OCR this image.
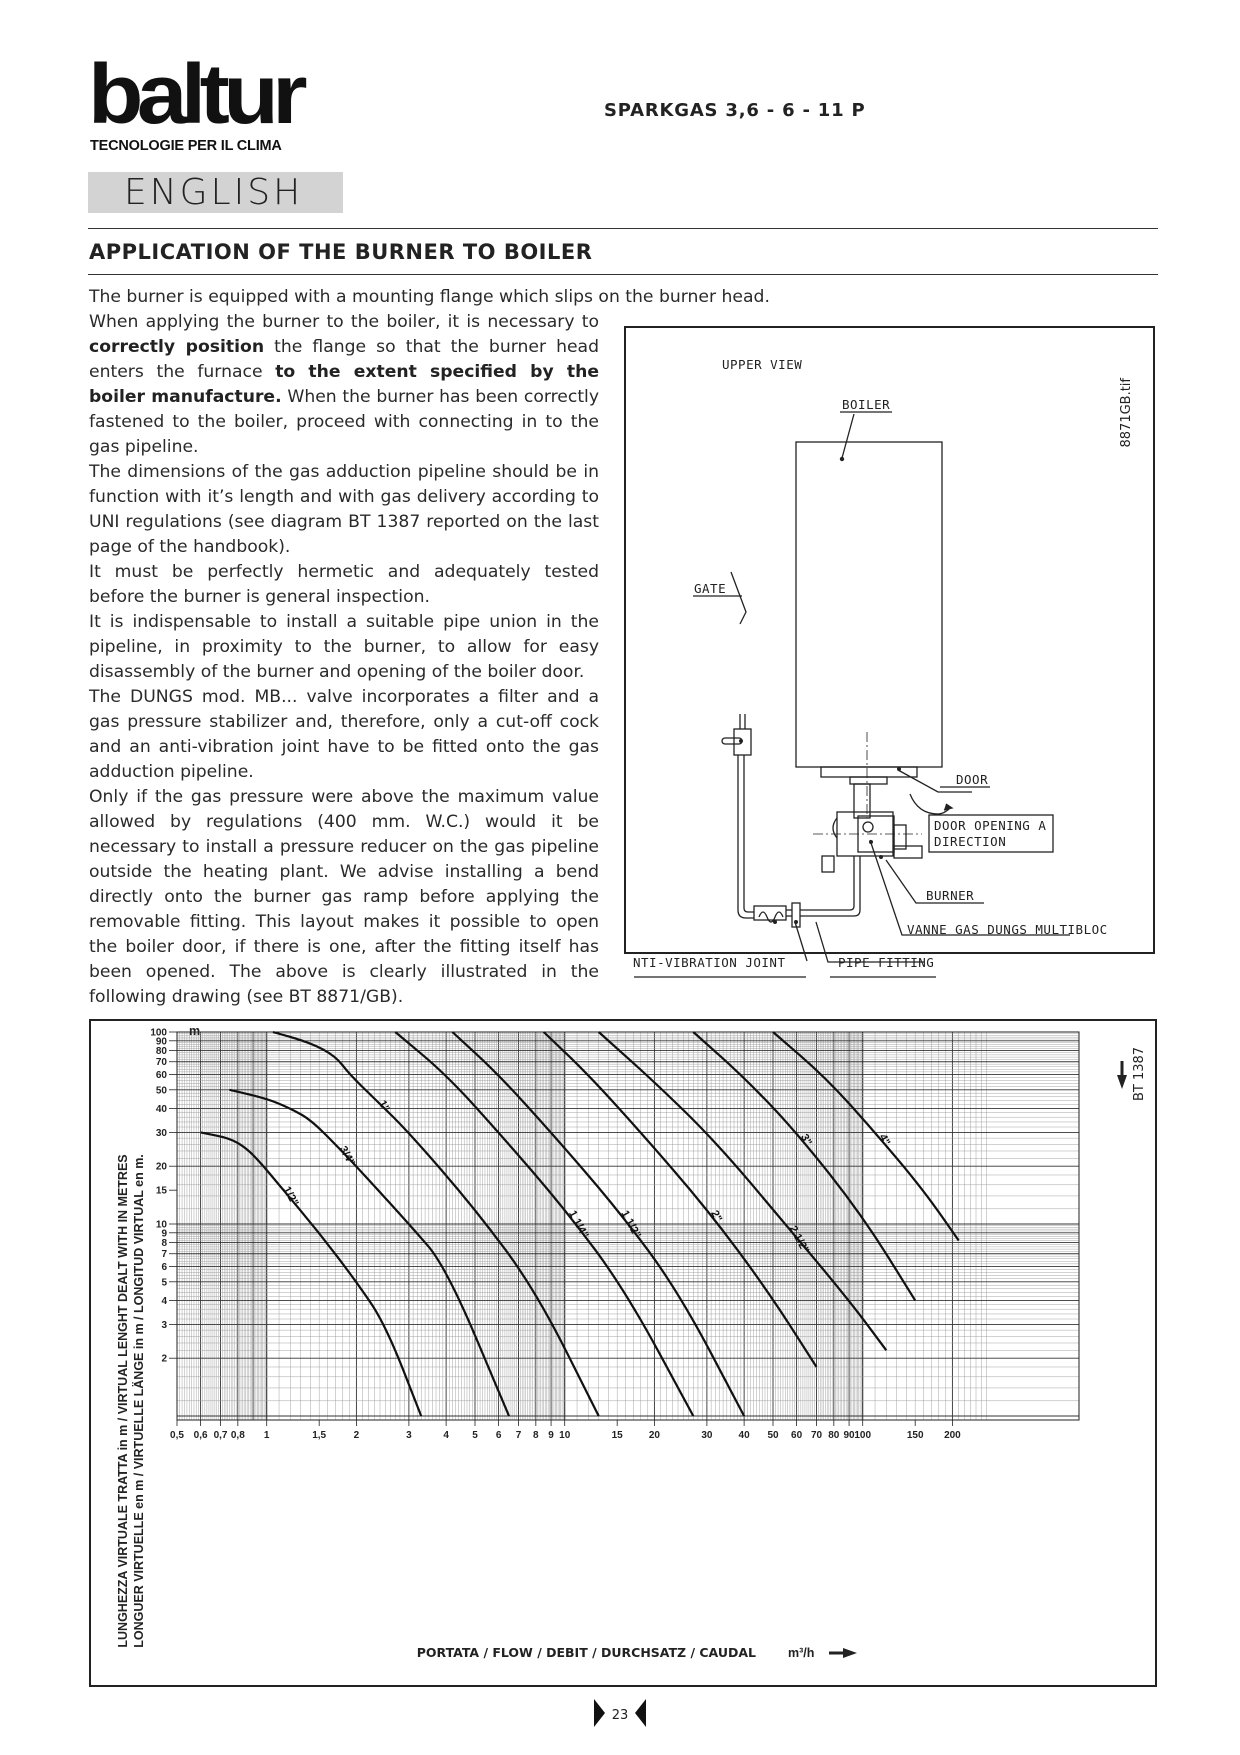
baltur
TECNOLOGIE PER IL CLIMA
ENGLISH
SPARKGAS 3,6 - 6 - 11 P
APPLICATION OF THE BURNER TO BOILER

The burner is equipped with a mounting flange which slips on the burner head.

When applying the burner to the boiler, it is necessary to correctly position the flange so that the burner head enters the furnace to the extent specified by the boiler manufacture. When the burner has been correctly fastened to the boiler, proceed with connecting in to the gas pipeline.

The dimensions of the gas adduction pipeline should be in function with it’s length and with gas delivery according to UNI regulations (see diagram BT 1387 reported on the last page of the handbook).

It must be perfectly hermetic and adequately tested before the burner is general inspection.

It is indispensable to install a suitable pipe union in the pipeline, in proximity to the burner, to allow for easy disassembly of the burner and opening of the boiler door.

The DUNGS mod. MB... valve incorporates a filter and a gas pressure stabilizer and, therefore, only a cut-off cock and an anti-vibration joint have to be fitted onto the gas adduction pipeline.

Only if the gas pressure were above the maximum value allowed by regulations (400 mm. W.C.) would it be necessary to install a pressure reducer on the gas pipeline outside the heating plant. We advise installing a bend directly onto the burner gas ramp before applying the removable fitting. This layout makes it possible to open the boiler door, if there is one, after the fitting itself has been opened. The above is clearly illustrated in the following drawing (see BT 8871/GB).

UPPER VIEW
BOILER
GATE
DOOR
DOOR OPENING A
DIRECTION
BURNER
VANNE GAS DUNGS MULTIBLOC
NTI-VIBRATION JOINT	PIPE FITTING
8871GB.tif
1/2"
3/4"
1"
1 1/4"	1 1/2"	2"
2 1/2"
3"	4"
0,5 0,6 0,7 0,8 1	1,5	2	3	4 5 6 7 8 9 10	15	20	30	40 50 60 70 80 90 100	150 200
100
90
80
70
60
50
40
30
20
15
10
9
8
7
6
5
4
3
2
m
LUNGHEZZA VIRTUALE TRATTA in m / VIRTUAL LENGHT DEALT WITH IN METRES LONGUER VIRTUELLE en m / VIRTUELLE LÄNGE in m / LONGITUD VIRTUAL en m.
PORTATA / FLOW / DEBIT / DURCHSATZ / CAUDAL	m³/h
BT 1387
23
